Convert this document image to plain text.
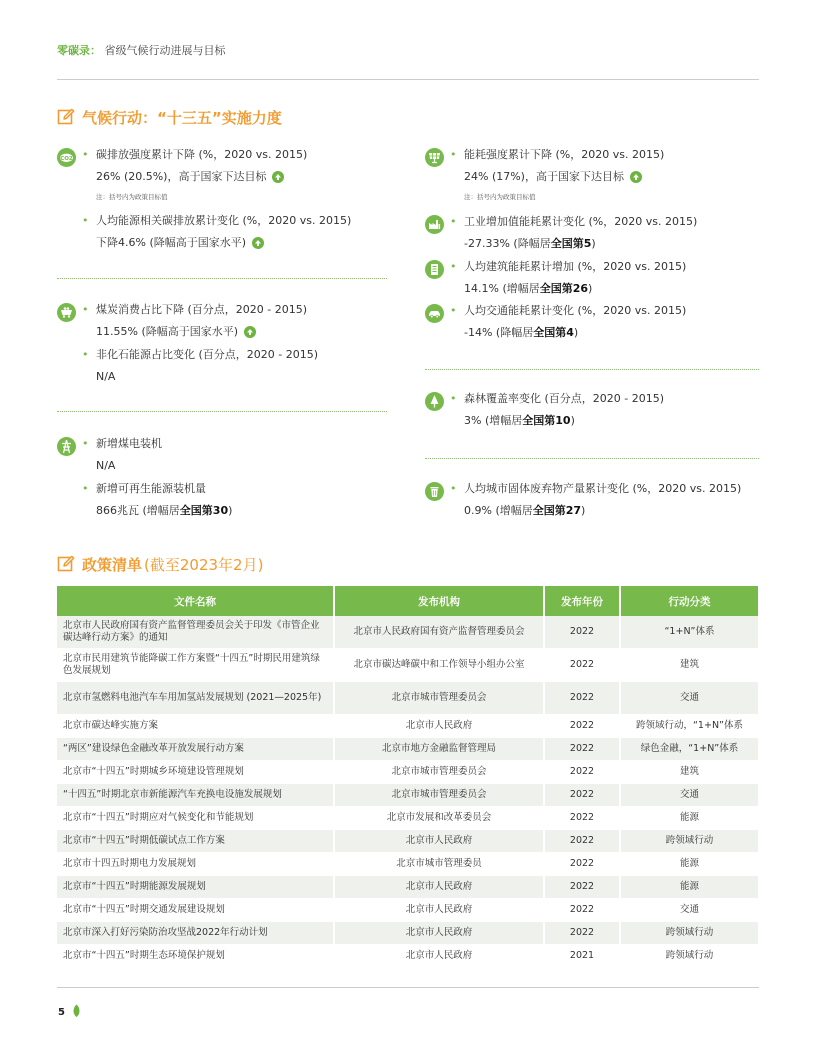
零碳录： 省级气候行动进展与目标
气候行动：“十三五”实施力度
CO2 • 碳排放强度累计下降 (%，2020 vs. 2015)
26% (20.5%)，高于国家下达目标
注：括号内为政策目标值
• 人均能源相关碳排放累计变化 (%，2020 vs. 2015)
下降4.6% (降幅高于国家水平)
• 煤炭消费占比下降 (百分点，2020 - 2015)
11.55% (降幅高于国家水平)
• 非化石能源占比变化 (百分点，2020 - 2015)
N/A
• 新增煤电装机
N/A
• 新增可再生能源装机量
866兆瓦 (增幅居 全国第30 )
• 能耗强度累计下降 (%，2020 vs. 2015)
24% (17%)，高于国家下达目标
注：括号内为政策目标值
• 工业增加值能耗累计变化 (%，2020 vs. 2015)
-27.33% (降幅居 全国第5 )
• 人均建筑能耗累计增加 (%，2020 vs. 2015)
14.1% (增幅居 全国第26 )
• 人均交通能耗累计变化 (%，2020 vs. 2015)
-14% (降幅居 全国第4 )
• 森林覆盖率变化 (百分点，2020 - 2015)
3% (增幅居 全国第10 )
• 人均城市固体废弃物产量累计变化 (%，2020 vs. 2015)
0.9% (增幅居 全国第27 )
政策清单 (截至2023年2月)
文件名称	发布机构	发布年份	行动分类
北京市人民政府国有资产监督管理委员会关于印发《市管企业碳达峰行动方案》的通知	北京市人民政府国有资产监督管理委员会	2022	“1+N”体系
北京市民用建筑节能降碳工作方案暨“十四五”时期民用建筑绿色发展规划	北京市碳达峰碳中和工作领导小组办公室	2022	建筑
北京市氢燃料电池汽车车用加氢站发展规划 (2021—2025年)	北京市城市管理委员会	2022	交通
北京市碳达峰实施方案	北京市人民政府	2022	跨领域行动，“1+N”体系
“两区”建设绿色金融改革开放发展行动方案	北京市地方金融监督管理局	2022	绿色金融，“1+N”体系
北京市“十四五”时期城乡环境建设管理规划	北京市城市管理委员会	2022	建筑
“十四五”时期北京市新能源汽车充换电设施发展规划	北京市城市管理委员会	2022	交通
北京市“十四五”时期应对气候变化和节能规划	北京市发展和改革委员会	2022	能源
北京市“十四五”时期低碳试点工作方案	北京市人民政府	2022	跨领域行动
北京市十四五时期电力发展规划	北京市城市管理委员	2022	能源
北京市“十四五”时期能源发展规划	北京市人民政府	2022	能源
北京市“十四五”时期交通发展建设规划	北京市人民政府	2022	交通
北京市深入打好污染防治攻坚战2022年行动计划	北京市人民政府	2022	跨领域行动
北京市“十四五”时期生态环境保护规划	北京市人民政府	2021	跨领域行动
5
